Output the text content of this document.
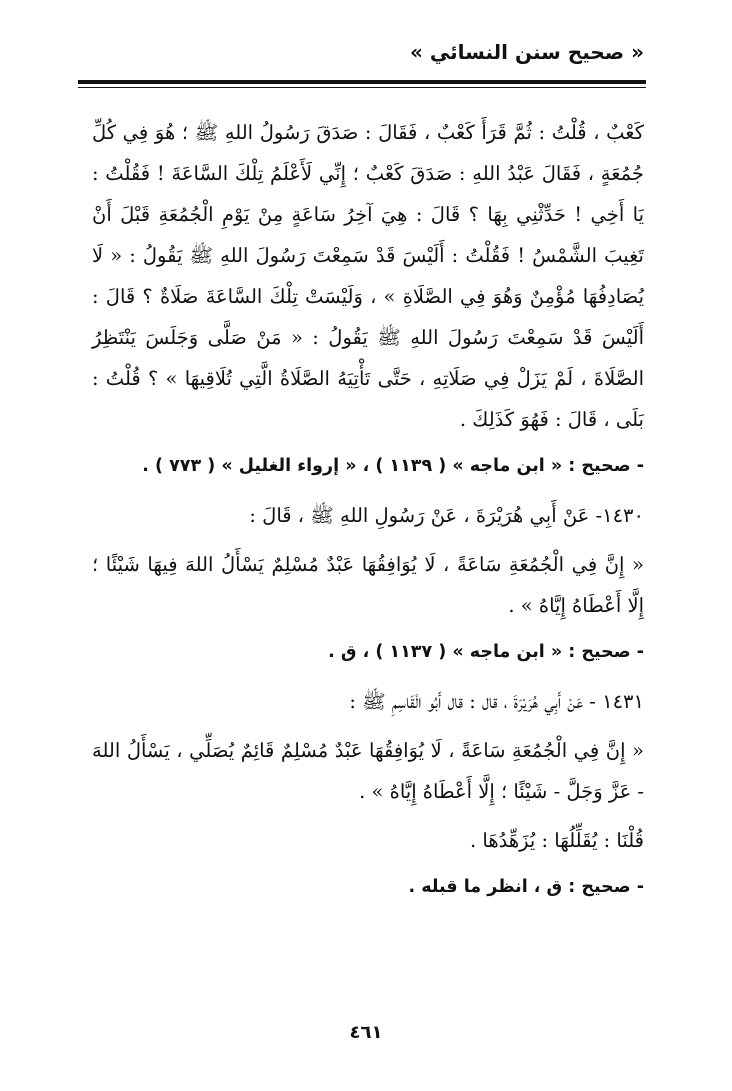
« صحيح سنن النسائي »

كَعْبٌ ، قُلْتُ : ثُمَّ قَرَأَ كَعْبٌ ، فَقَالَ : صَدَقَ رَسُولُ اللهِ ﷺ ؛ هُوَ فِي كُلِّ جُمُعَةٍ ، فَقَالَ عَبْدُ اللهِ : صَدَقَ كَعْبٌ ؛ إِنِّي لَأَعْلَمُ تِلْكَ السَّاعَةَ ! فَقُلْتُ : يَا أَخِي ! حَدِّثْنِي بِهَا ؟ قَالَ : هِيَ آخِرُ سَاعَةٍ مِنْ يَوْمِ الْجُمُعَةِ قَبْلَ أَنْ تَغِيبَ الشَّمْسُ ! فَقُلْتُ : أَلَيْسَ قَدْ سَمِعْتَ رَسُولَ اللهِ ﷺ يَقُولُ : « لَا يُصَادِفُهَا مُؤْمِنٌ وَهُوَ فِي الصَّلَاةِ » ، وَلَيْسَتْ تِلْكَ السَّاعَةَ صَلَاةٌ ؟ قَالَ : أَلَيْسَ قَدْ سَمِعْتَ رَسُولَ اللهِ ﷺ يَقُولُ : « مَنْ صَلَّى وَجَلَسَ يَنْتَظِرُ الصَّلَاةَ ، لَمْ يَزَلْ فِي صَلَاتِهِ ، حَتَّى تَأْتِيَهُ الصَّلَاةُ الَّتِي تُلَاقِيهَا » ؟ قُلْتُ : بَلَى ، قَالَ : فَهُوَ كَذَلِكَ .

- صحيح : « ابن ماجه » ( ١١٣٩ ) ، « إرواء الغليل » ( ٧٧٣ ) .

١٤٣٠- عَنْ أَبِي هُرَيْرَةَ ، عَنْ رَسُولِ اللهِ ﷺ ، قَالَ :

« إِنَّ فِي الْجُمُعَةِ سَاعَةً ، لَا يُوَافِقُهَا عَبْدٌ مُسْلِمٌ يَسْأَلُ اللهَ فِيهَا شَيْئًا ؛ إِلَّا أَعْطَاهُ إِيَّاهُ » .

- صحيح : « ابن ماجه » ( ١١٣٧ ) ، ق .

١٤٣١ - عَنْ أَبِي هُرَيْرَةَ ، قال : قال أَبُو الْقَاسِمِ ﷺ :

« إِنَّ فِي الْجُمُعَةِ سَاعَةً ، لَا يُوَافِقُهَا عَبْدٌ مُسْلِمٌ قَائِمٌ يُصَلِّي ، يَسْأَلُ اللهَ - عَزَّ وَجَلَّ - شَيْئًا ؛ إِلَّا أَعْطَاهُ إِيَّاهُ » .

قُلْنَا : يُقَلِّلُهَا : يُزَهِّدُهَا .

- صحيح : ق ، انظر ما قبله .

٤٦١
